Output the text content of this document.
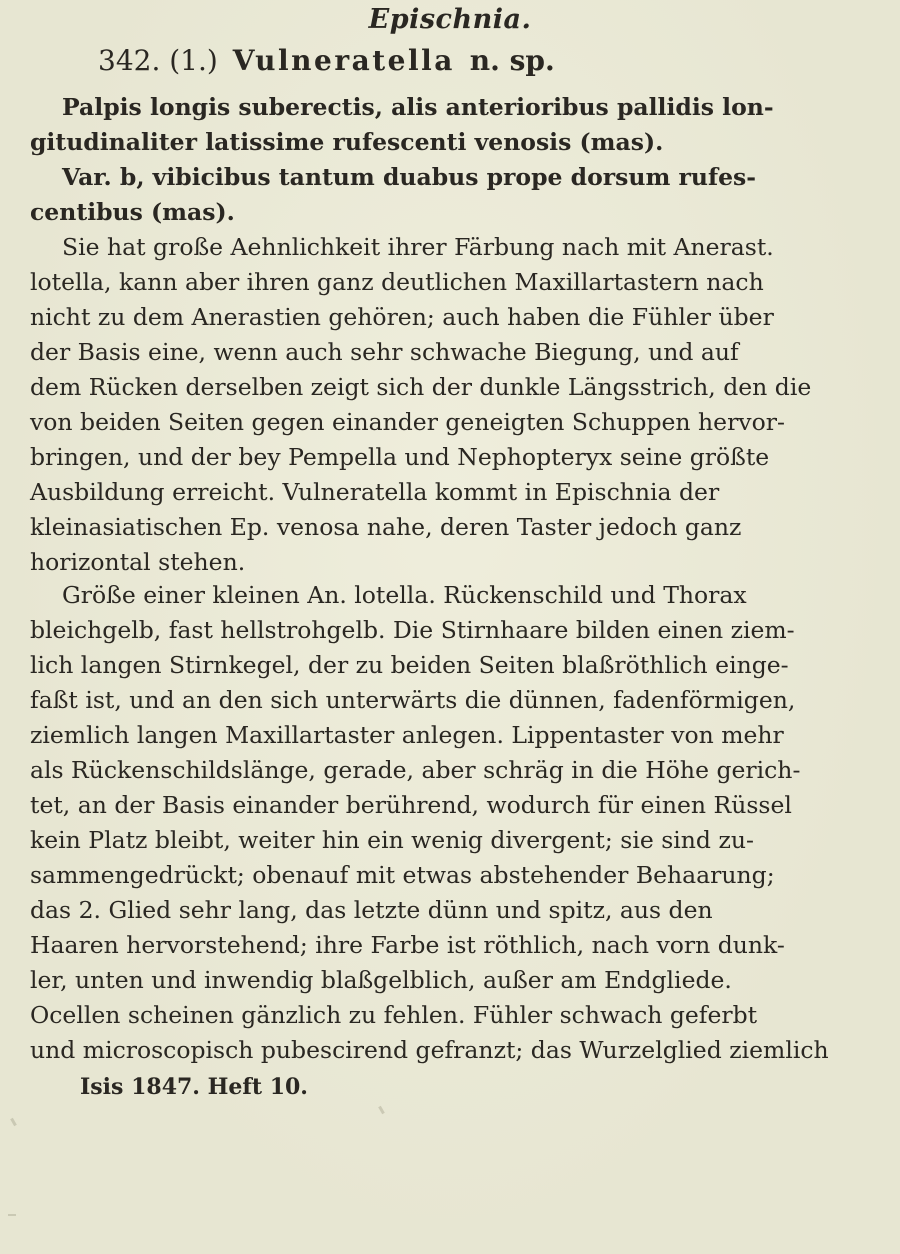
Epischnia.
342. (1.) Vulneratella n. sp.
Palpis longis suberectis, alis anterioribus pallidis lon-
gitudinaliter latissime rufescenti venosis (mas).
Var. b, vibicibus tantum duabus prope dorsum rufes-
centibus (mas).
Sie hat große Aehnlichkeit ihrer Färbung nach mit Anerast.
lotella, kann aber ihren ganz deutlichen Maxillartastern nach
nicht zu dem Anerastien gehören; auch haben die Fühler über
der Basis eine, wenn auch sehr schwache Biegung, und auf
dem Rücken derselben zeigt sich der dunkle Längsstrich, den die
von beiden Seiten gegen einander geneigten Schuppen hervor-
bringen, und der bey Pempella und Nephopteryx seine größte
Ausbildung erreicht. Vulneratella kommt in Epischnia der
kleinasiatischen Ep. venosa nahe, deren Taster jedoch ganz
horizontal stehen.
Größe einer kleinen An. lotella. Rückenschild und Thorax
bleichgelb, fast hellstrohgelb. Die Stirnhaare bilden einen ziem-
lich langen Stirnkegel, der zu beiden Seiten blaßröthlich einge-
faßt ist, und an den sich unterwärts die dünnen, fadenförmigen,
ziemlich langen Maxillartaster anlegen. Lippentaster von mehr
als Rückenschildslänge, gerade, aber schräg in die Höhe gerich-
tet, an der Basis einander berührend, wodurch für einen Rüssel
kein Platz bleibt, weiter hin ein wenig divergent; sie sind zu-
sammengedrückt; obenauf mit etwas abstehender Behaarung;
das 2. Glied sehr lang, das letzte dünn und spitz, aus den
Haaren hervorstehend; ihre Farbe ist röthlich, nach vorn dunk-
ler, unten und inwendig blaßgelblich, außer am Endgliede.
Ocellen scheinen gänzlich zu fehlen. Fühler schwach geferbt
und microscopisch pubescirend gefranzt; das Wurzelglied ziemlich
Isis 1847. Heft 10.
